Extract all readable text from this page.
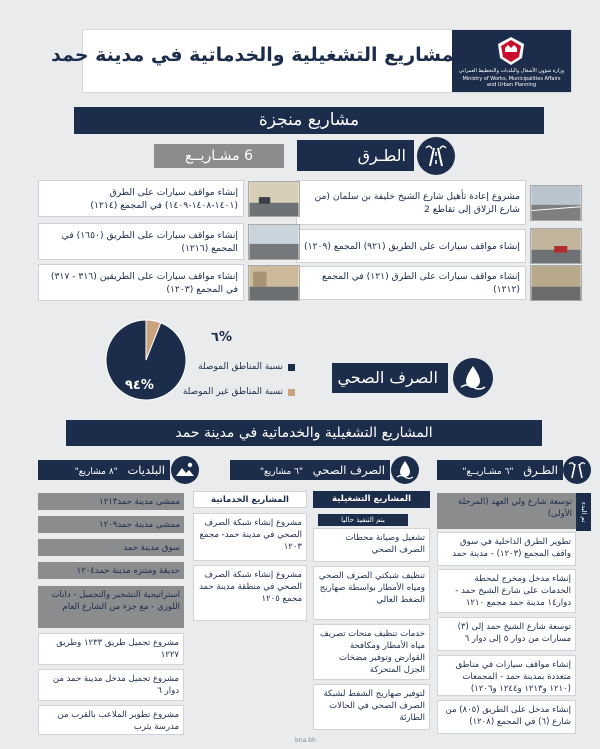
وزارة شؤون الأشغال والبلديات والتخطيط العمراني
Ministry of Works, Municipalities Affairs
and Urban Planning
المشاريع التشغيلية والخدماتية في مدينة حمد
مشاريع منجزة
6 مشـاريــع	الطـرق
مشروع إعادة تأهيل شارع الشيخ خليفة بن سلمان (من شارع الزلاق إلى تقاطع 2
إنشاء مواقف سيارات على الطرق (١٤٠١-١٤٠٨-١٤٠٩) في المجمع (١٢١٤)
إنشاء مواقف سيارات على الطريق (٩٢١) المجمع (١٢٠٩)
إنشاء مواقف سيارات على الطريق (١٦٥٠) في المجمع (١٢١٦)
إنشاء مواقف سيارات على الطرق (١٢١) في المجمع (١٢١٢)
إنشاء مواقف سيارات على الطريقين (٣١٦ - ٣١٧) في المجمع (١٢٠٣)
%٦
%٩٤
نسبة المناطق الموصلة
نسبة المناطق غير الموصلة
الصرف الصحي
المشاريع التشغيلية والخدماتية في مدينة حمد
الطـرق "٦ مشـاريــع"
تم البدء
توسعة شارع ولي العهد (المرحلة الأولى)
تطوير الطرق الداخلية في سوق واقف المجمع (١٢٠٣) - مدينة حمد
إنشاء مدخل ومخرج لمحطة الخدمات على شارع الشيخ حمد - دوار١٤ مدينة حمد مجمع ١٢١٠
توسعة شارع الشيخ حمد إلى (٣) مسارات من دوار ٥ إلى دوار ٦
إنشاء مواقف سيارات في مناطق متعددة بمدينة حمد - المجمعات (١٢١٠ و١٢١٣ و١٢٤٤ و١٢٠٦)
إنشاء مدخل على الطريق (٨٠٥) من شارع (٦) في المجمع (١٢٠٨)
الصرف الصحي "٦ مشاريع"
المشاريع التشغيلية
المشاريع الخدماتية
يتم التنفيذ حاليا
تشغيل وصيانة محطات الصرف الصحي
تنظيف شبكتي الصرف الصحي ومياه الأمطار بواسطة صهاريج الضغط العالي
خدمات تنظيف منحات تصريف مياه الأمطار ومكافحة القوارض وتوفير مضخات الجزل المتحركة
لتوفير صهاريج الشفط لشبكة الصرف الصحي في الحالات الطارئة
مشروع إنشاء شبكة الصرف الصحي في مدينة حمد- مجمع ١٢٠٣
مشروع إنشاء شبكة الصرف الصحي في منطقة مدينة حمد مجمع ١٢٠٥
البلديات "٨ مشاريع"
ممشى مدينة حمد١٢١٣
ممشى مدينة حمد١٢٠٩
سوق مدينة حمد
حديقة ومتنزه مدينة حمد١٢٠٤
استراتيجية التشجير والتجميل - دانات اللوزي - مع جزء من الشارع العام
مشروع تجميل طريق ١٢٣٣ وطريق ١٢٢٧
مشروع تجميل مدخل مدينة حمد من دوار ٦
مشروع تطوير الملاعب بالقرب من مدرسة يثرب
bna.bh
